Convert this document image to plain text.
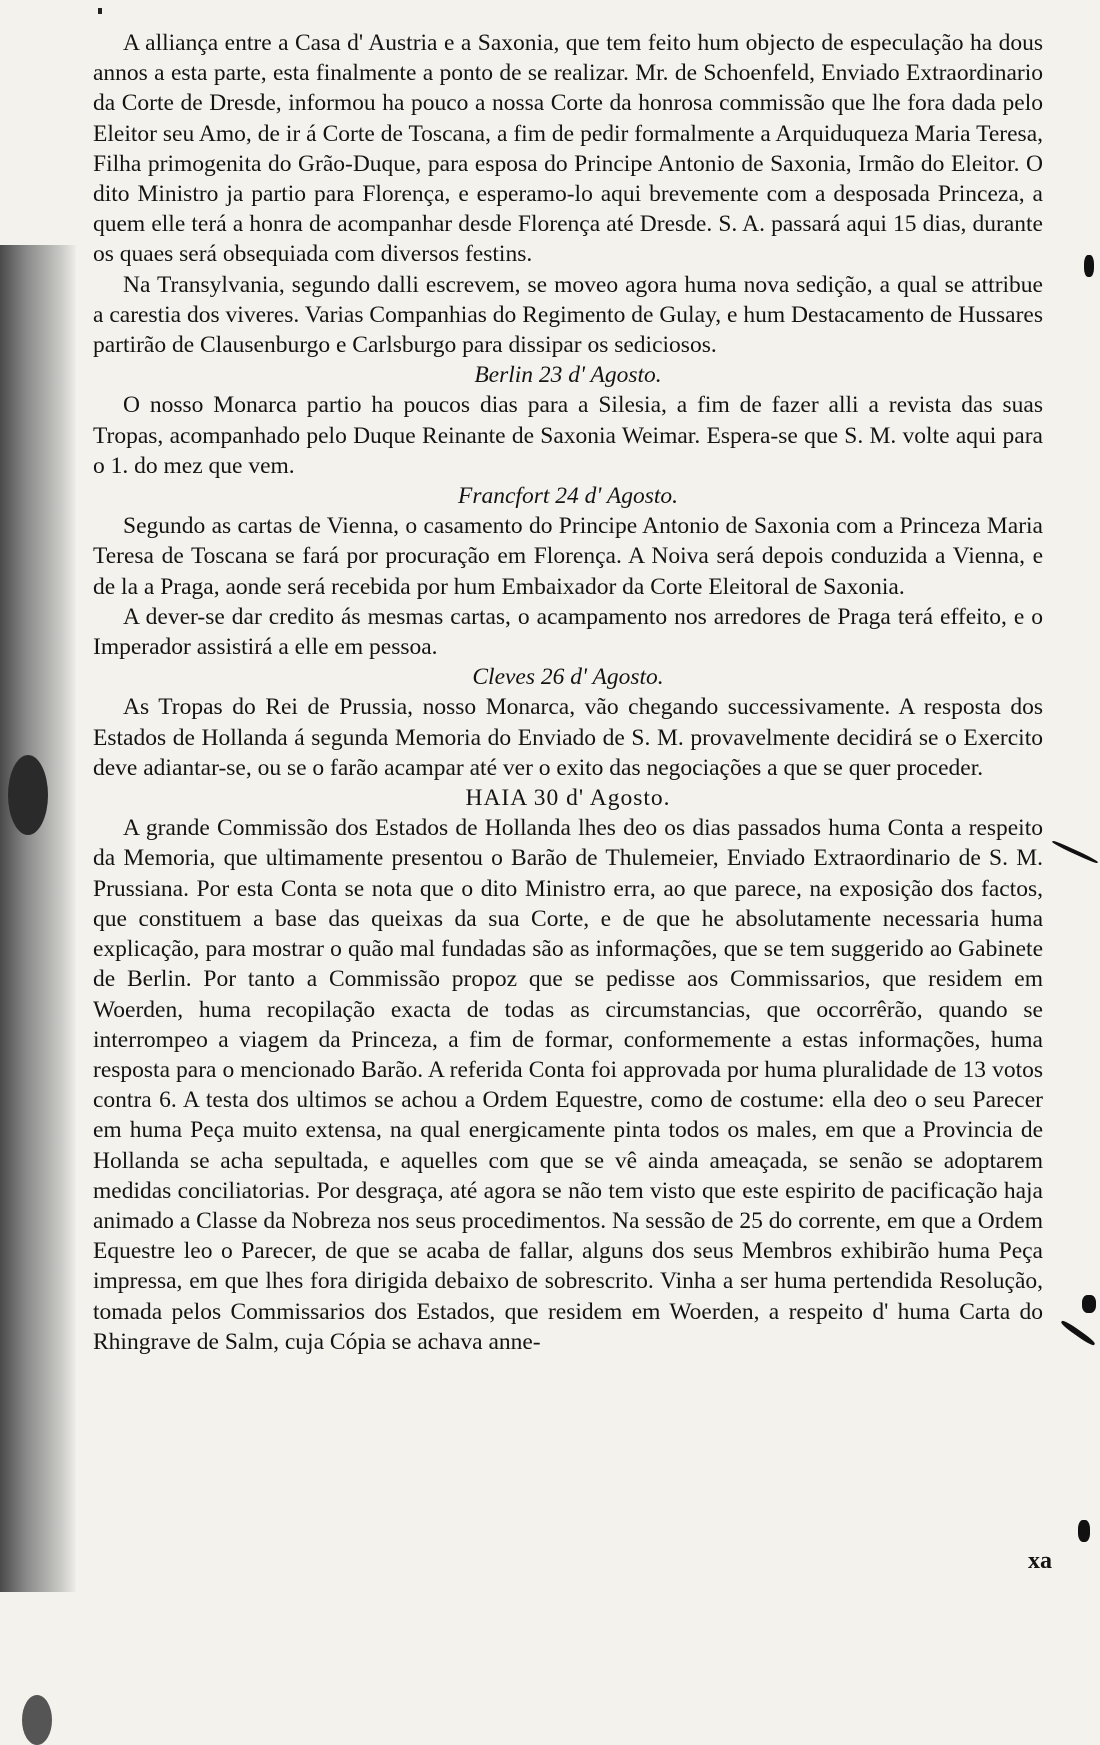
A alliança entre a Casa d' Austria e a Saxonia, que tem feito hum objecto de especulação ha dous annos a esta parte, esta finalmente a ponto de se realizar. Mr. de Schoenfeld, Enviado Extraordinario da Corte de Dresde, informou ha pouco a nossa Corte da honrosa commissão que lhe fora dada pelo Eleitor seu Amo, de ir á Corte de Toscana, a fim de pedir formalmente a Arquiduqueza Maria Teresa, Filha primogenita do Grão-Duque, para esposa do Principe Antonio de Saxonia, Irmão do Eleitor. O dito Ministro ja partio para Florença, e esperamo-lo aqui brevemente com a desposada Princeza, a quem elle terá a honra de acompanhar desde Florença até Dresde. S. A. passará aqui 15 dias, durante os quaes será obsequiada com diversos festins.

Na Transylvania, segundo dalli escrevem, se moveo agora huma nova sedição, a qual se attribue a carestia dos viveres. Varias Companhias do Regimento de Gulay, e hum Destacamento de Hussares partirão de Clausenburgo e Carlsburgo para dissipar os sediciosos.

Berlin 23 d' Agosto.

O nosso Monarca partio ha poucos dias para a Silesia, a fim de fazer alli a revista das suas Tropas, acompanhado pelo Duque Reinante de Saxonia Weimar. Espera-se que S. M. volte aqui para o 1. do mez que vem.

Francfort 24 d' Agosto.

Segundo as cartas de Vienna, o casamento do Principe Antonio de Saxonia com a Princeza Maria Teresa de Toscana se fará por procuração em Florença. A Noiva será depois conduzida a Vienna, e de la a Praga, aonde será recebida por hum Embaixador da Corte Eleitoral de Saxonia.

A dever-se dar credito ás mesmas cartas, o acampamento nos arredores de Praga terá effeito, e o Imperador assistirá a elle em pessoa.

Cleves 26 d' Agosto.

As Tropas do Rei de Prussia, nosso Monarca, vão chegando successivamente. A resposta dos Estados de Hollanda á segunda Memoria do Enviado de S. M. provavelmente decidirá se o Exercito deve adiantar-se, ou se o farão acampar até ver o exito das negociações a que se quer proceder.

HAIA 30 d' Agosto.

A grande Commissão dos Estados de Hollanda lhes deo os dias passados huma Conta a respeito da Memoria, que ultimamente presentou o Barão de Thulemeier, Enviado Extraordinario de S. M. Prussiana. Por esta Conta se nota que o dito Ministro erra, ao que parece, na exposição dos factos, que constituem a base das queixas da sua Corte, e de que he absolutamente necessaria huma explicação, para mostrar o quão mal fundadas são as informações, que se tem suggerido ao Gabinete de Berlin. Por tanto a Commissão propoz que se pedisse aos Commissarios, que residem em Woerden, huma recopilação exacta de todas as circumstancias, que occorrêrão, quando se interrompeo a viagem da Princeza, a fim de formar, conformemente a estas informações, huma resposta para o mencionado Barão. A referida Conta foi approvada por huma pluralidade de 13 votos contra 6. A testa dos ultimos se achou a Ordem Equestre, como de costume: ella deo o seu Parecer em huma Peça muito extensa, na qual energicamente pinta todos os males, em que a Provincia de Hollanda se acha sepultada, e aquelles com que se vê ainda ameaçada, se senão se adoptarem medidas conciliatorias. Por desgraça, até agora se não tem visto que este espirito de pacificação haja animado a Classe da Nobreza nos seus procedimentos. Na sessão de 25 do corrente, em que a Ordem Equestre leo o Parecer, de que se acaba de fallar, alguns dos seus Membros exhibirão huma Peça impressa, em que lhes fora dirigida debaixo de sobrescrito. Vinha a ser huma pertendida Resolução, tomada pelos Commissarios dos Estados, que residem em Woerden, a respeito d' huma Carta do Rhingrave de Salm, cuja Cópia se achava anne-

xa
